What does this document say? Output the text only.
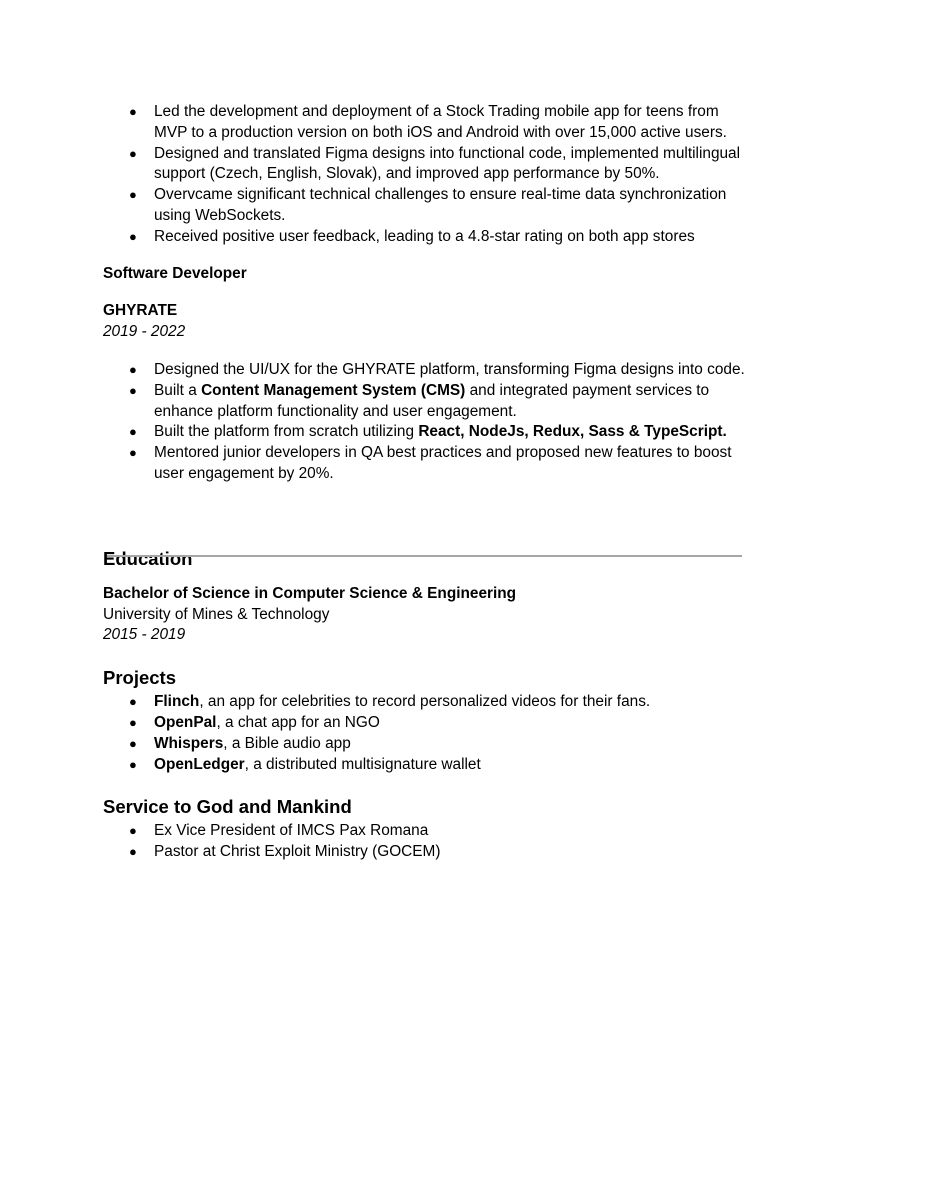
● Led the development and deployment of a Stock Trading mobile app for teens from MVP to a production version on both iOS and Android with over 15,000 active users.
● Designed and translated Figma designs into functional code, implemented multilingual support (Czech, English, Slovak), and improved app performance by 50%.
● Overvcame significant technical challenges to ensure real-time data synchronization using WebSockets.
● Received positive user feedback, leading to a 4.8-star rating on both app stores
Software Developer
GHYRATE
2019 - 2022
● Designed the UI/UX for the GHYRATE platform, transforming Figma designs into code.
● Built a Content Management System (CMS) and integrated payment services to enhance platform functionality and user engagement.
● Built the platform from scratch utilizing React, NodeJs, Redux, Sass & TypeScript.
● Mentored junior developers in QA best practices and proposed new features to boost user engagement by 20%.
Education
Bachelor of Science in Computer Science & Engineering
University of Mines & Technology
2015 - 2019
Projects
● Flinch, an app for celebrities to record personalized videos for their fans.
● OpenPal, a chat app for an NGO
● Whispers, a Bible audio app
● OpenLedger, a distributed multisignature wallet
Service to God and Mankind
● Ex Vice President of IMCS Pax Romana
● Pastor at Christ Exploit Ministry (GOCEM)
